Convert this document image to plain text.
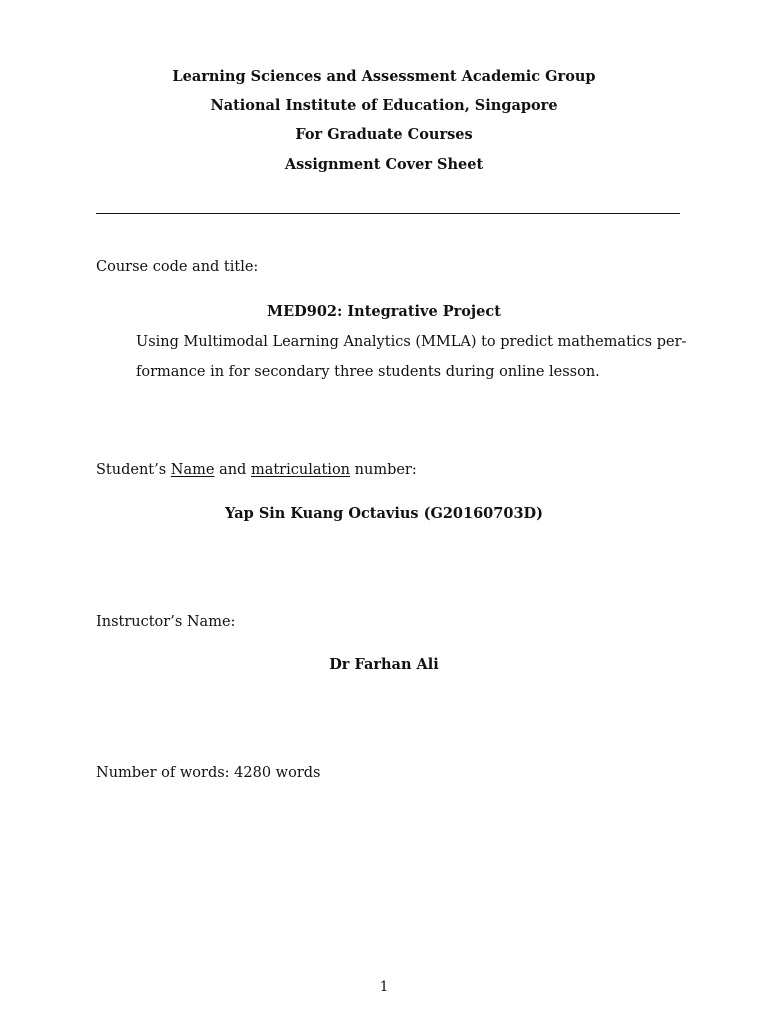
Learning Sciences and Assessment Academic Group
National Institute of Education, Singapore
For Graduate Courses
Assignment Cover Sheet
Course code and title:
MED902: Integrative Project
Using Multimodal Learning Analytics (MMLA) to predict mathematics per-
formance in for secondary three students during online lesson.
Student’s Name and matriculation number:
Yap Sin Kuang Octavius (G20160703D)
Instructor’s Name:
Dr Farhan Ali
Number of words: 4280 words
1
